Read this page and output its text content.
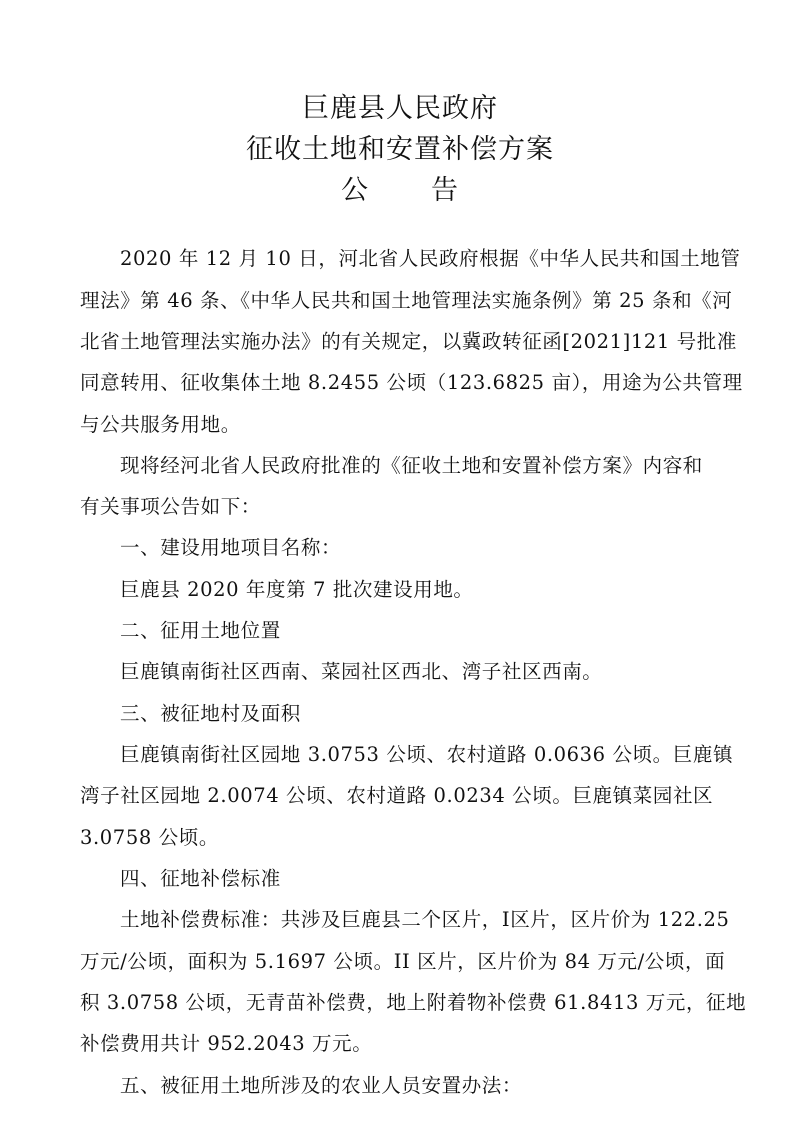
巨鹿县人民政府
征收土地和安置补偿方案
公 告
2020 年 12 月 10 日，河北省人民政府根据《中华人民共和国土地管
理法》第 46 条、《中华人民共和国土地管理法实施条例》第 25 条和《河
北省土地管理法实施办法》的有关规定，以冀政转征函[2021]121 号批准
同意转用、征收集体土地 8.2455 公顷（123.6825 亩），用途为公共管理
与公共服务用地。
现将经河北省人民政府批准的《征收土地和安置补偿方案》内容和
有关事项公告如下：
一、建设用地项目名称：
巨鹿县 2020 年度第 7 批次建设用地。
二、征用土地位置
巨鹿镇南街社区西南、菜园社区西北、湾子社区西南。
三、被征地村及面积
巨鹿镇南街社区园地 3.0753 公顷、农村道路 0.0636 公顷。巨鹿镇
湾子社区园地 2.0074 公顷、农村道路 0.0234 公顷。巨鹿镇菜园社区
3.0758 公顷。
四、征地补偿标准
土地补偿费标准：共涉及巨鹿县二个区片，Ⅰ区片，区片价为 122.25
万元/公顷，面积为 5.1697 公顷。II 区片，区片价为 84 万元/公顷，面
积 3.0758 公顷，无青苗补偿费，地上附着物补偿费 61.8413 万元，征地
补偿费用共计 952.2043 万元。
五、被征用土地所涉及的农业人员安置办法：
